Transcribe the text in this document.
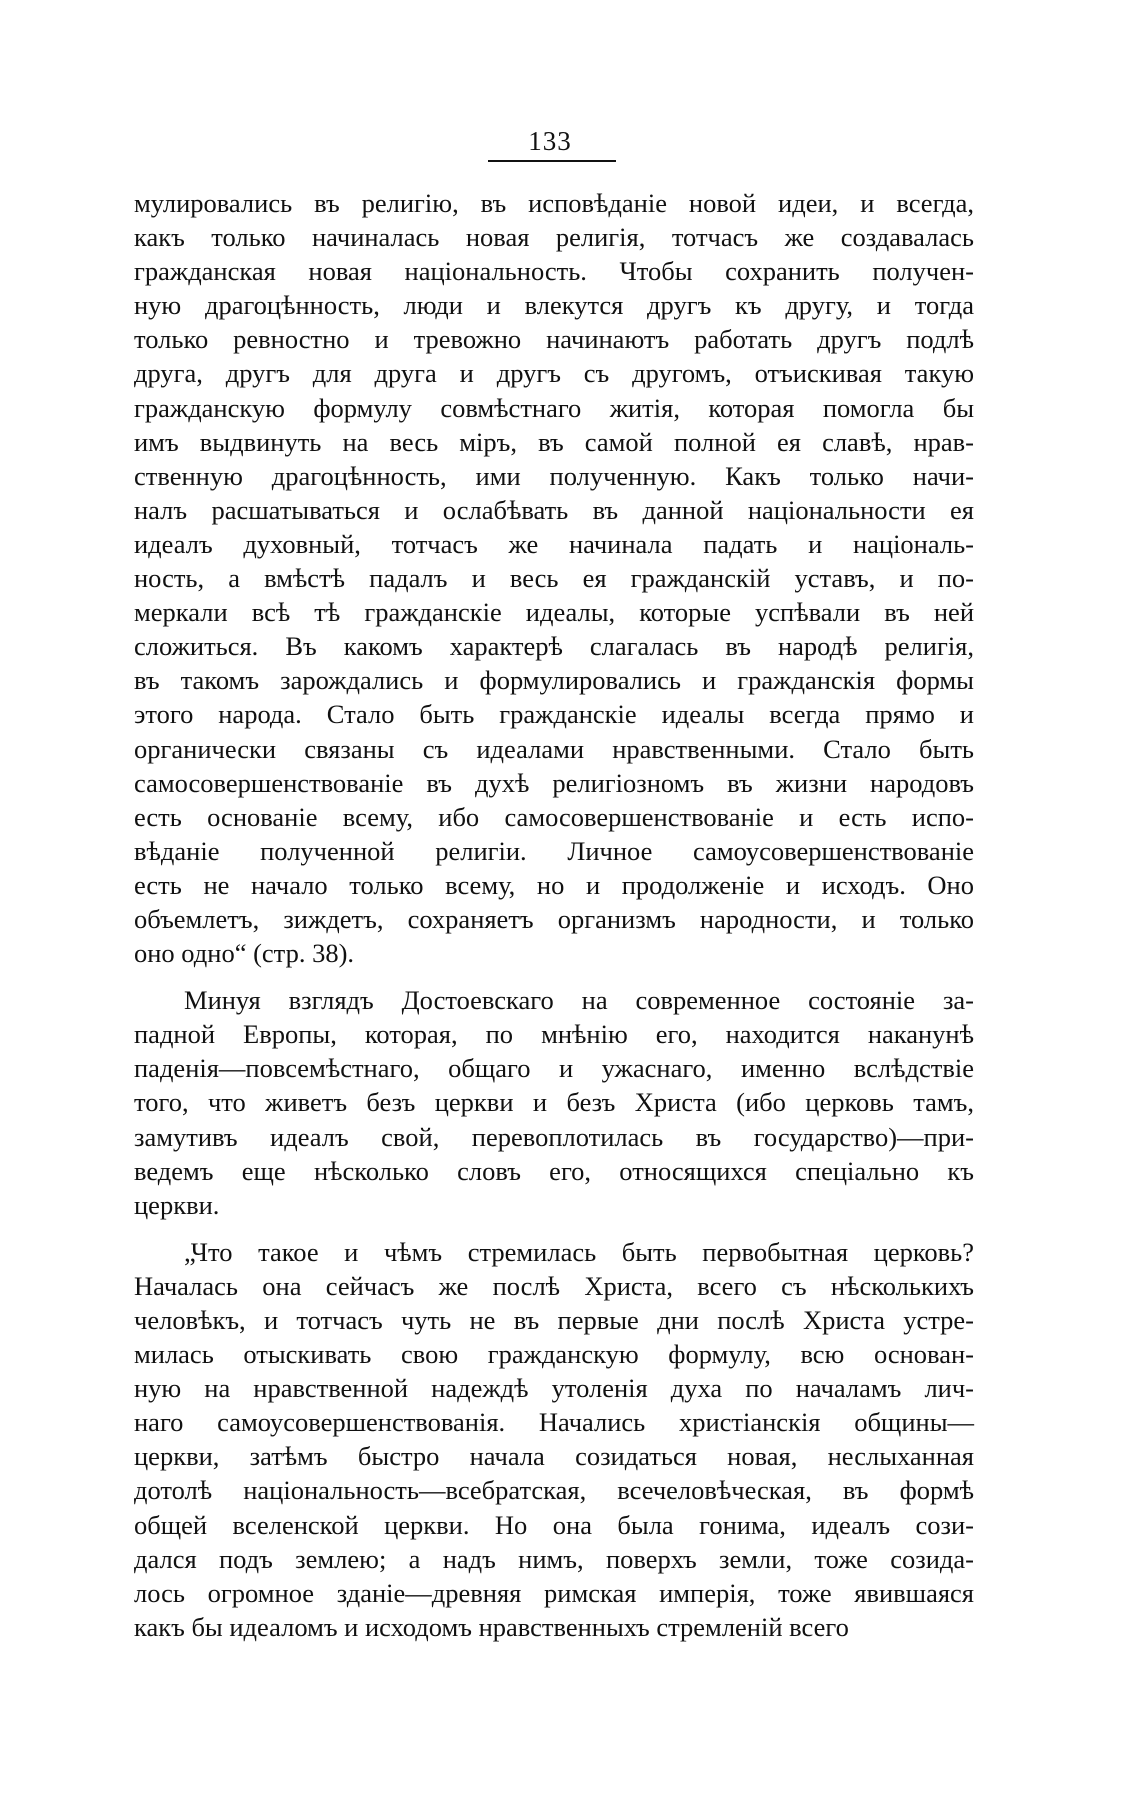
133
мулировались въ религію, въ исповѣданіе новой идеи, и всегда,
какъ только начиналась новая религія, тотчасъ же создавалась
гражданская новая національность. Чтобы сохранить получен-
ную драгоцѣнность, люди и влекутся другъ къ другу, и тогда
только ревностно и тревожно начинаютъ работать другъ подлѣ
друга, другъ для друга и другъ съ другомъ, отъискивая такую
гражданскую формулу совмѣстнаго житія, которая помогла бы
имъ выдвинуть на весь міръ, въ самой полной ея славѣ, нрав-
ственную драгоцѣнность, ими полученную. Какъ только начи-
налъ расшатываться и ослабѣвать въ данной національности ея
идеалъ духовный, тотчасъ же начинала падать и національ-
ность, а вмѣстѣ падалъ и весь ея гражданскій уставъ, и по-
меркали всѣ тѣ гражданскіе идеалы, которые успѣвали въ ней
сложиться. Въ какомъ характерѣ слагалась въ народѣ религія,
въ такомъ зарождались и формулировались и гражданскія формы
этого народа. Стало быть гражданскіе идеалы всегда прямо и
органически связаны съ идеалами нравственными. Стало быть
самосовершенствованіе въ духѣ религіозномъ въ жизни народовъ
есть основаніе всему, ибо самосовершенствованіе и есть испо-
вѣданіе полученной религіи. Личное самоусовершенствованіе
есть не начало только всему, но и продолженіе и исходъ. Оно
объемлетъ, зиждетъ, сохраняетъ организмъ народности, и только
оно одно“ (стр. 38).
Минуя взглядъ Достоевскаго на современное состояніе за-
падной Европы, которая, по мнѣнію его, находится наканунѣ
паденія—повсемѣстнаго, общаго и ужаснаго, именно вслѣдствіе
того, что живетъ безъ церкви и безъ Христа (ибо церковь тамъ,
замутивъ идеалъ свой, перевоплотилась въ государство)—при-
ведемъ еще нѣсколько словъ его, относящихся спеціально къ
церкви.
„Что такое и чѣмъ стремилась быть первобытная церковь?
Началась она сейчасъ же послѣ Христа, всего съ нѣсколькихъ
человѣкъ, и тотчасъ чуть не въ первые дни послѣ Христа устре-
милась отыскивать свою гражданскую формулу, всю основан-
ную на нравственной надеждѣ утоленія духа по началамъ лич-
наго самоусовершенствованія. Начались христіанскія общины—
церкви, затѣмъ быстро начала созидаться новая, неслыханная
дотолѣ національность—всебратская, всечеловѣческая, въ формѣ
общей вселенской церкви. Но она была гонима, идеалъ сози-
дался подъ землею; а надъ нимъ, поверхъ земли, тоже созида-
лось огромное зданіе—древняя римская имперія, тоже явившаяся
какъ бы идеаломъ и исходомъ нравственныхъ стремленій всего
